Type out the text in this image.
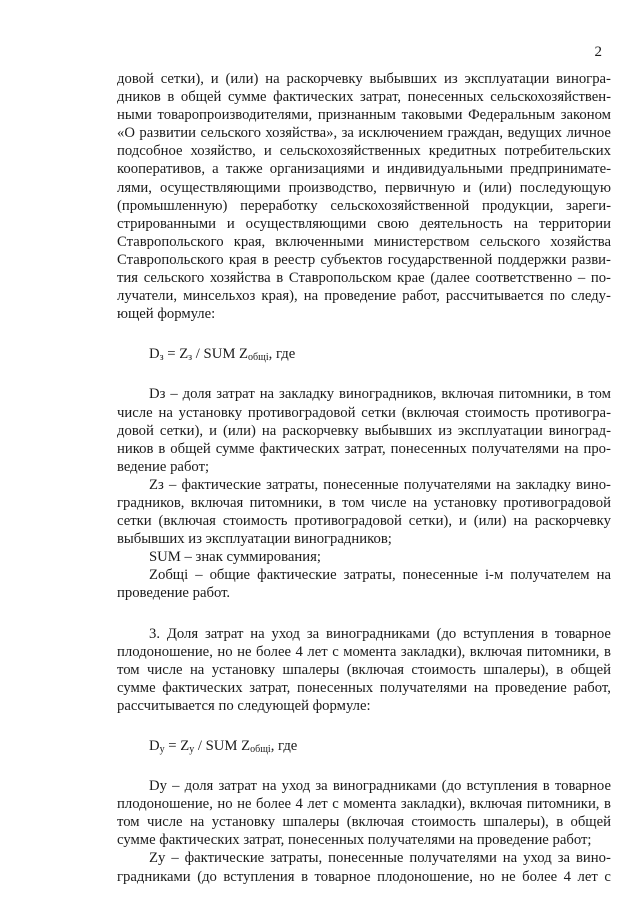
2
довой сетки), и (или) на раскорчевку выбывших из эксплуатации виногра-
дников в общей сумме фактических затрат, понесенных сельскохозяйствен-
ными товаропроизводителями, признанным таковыми Федеральным законом
«О развитии сельского хозяйства», за исключением граждан, ведущих личное
подсобное хозяйство, и сельскохозяйственных кредитных потребительских
кооперативов, а также организациями и индивидуальными предпринимате-
лями, осуществляющими производство, первичную и (или) последующую
(промышленную) переработку сельскохозяйственной продукции, зареги-
стрированными и осуществляющими свою деятельность на территории
Ставропольского края, включенными министерством сельского хозяйства
Ставропольского края в реестр субъектов государственной поддержки разви-
тия сельского хозяйства в Ставропольском крае (далее соответственно – по-
лучатели, минсельхоз края), на проведение работ, рассчитывается по следу-
ющей формуле:
$D_з = Z_з$ / SUM $Z_{общi}$, где
Dз – доля затрат на закладку виноградников, включая питомники, в том
числе на установку противоградовой сетки (включая стоимость противогра-
довой сетки), и (или) на раскорчевку выбывших из эксплуатации виноград-
ников в общей сумме фактических затрат, понесенных получателями на про-
ведение работ;
Zз – фактические затраты, понесенные получателями на закладку вино-
градников, включая питомники, в том числе на установку противоградовой
сетки (включая стоимость противоградовой сетки), и (или) на раскорчевку
выбывших из эксплуатации виноградников;
SUM – знак суммирования;
Zобщi – общие фактические затраты, понесенные i-м получателем на
проведение работ.
3. Доля затрат на уход за виноградниками (до вступления в товарное
плодоношение, но не более 4 лет с момента закладки), включая питомники, в
том числе на установку шпалеры (включая стоимость шпалеры), в общей
сумме фактических затрат, понесенных получателями на проведение работ,
рассчитывается по следующей формуле:
$D_у = Z_у$ / SUM $Z_{общi}$, где
Dу – доля затрат на уход за виноградниками (до вступления в товарное
плодоношение, но не более 4 лет с момента закладки), включая питомники, в
том числе на установку шпалеры (включая стоимость шпалеры), в общей
сумме фактических затрат, понесенных получателями на проведение работ;
Zу – фактические затраты, понесенные получателями на уход за вино-
градниками (до вступления в товарное плодоношение, но не более 4 лет с
